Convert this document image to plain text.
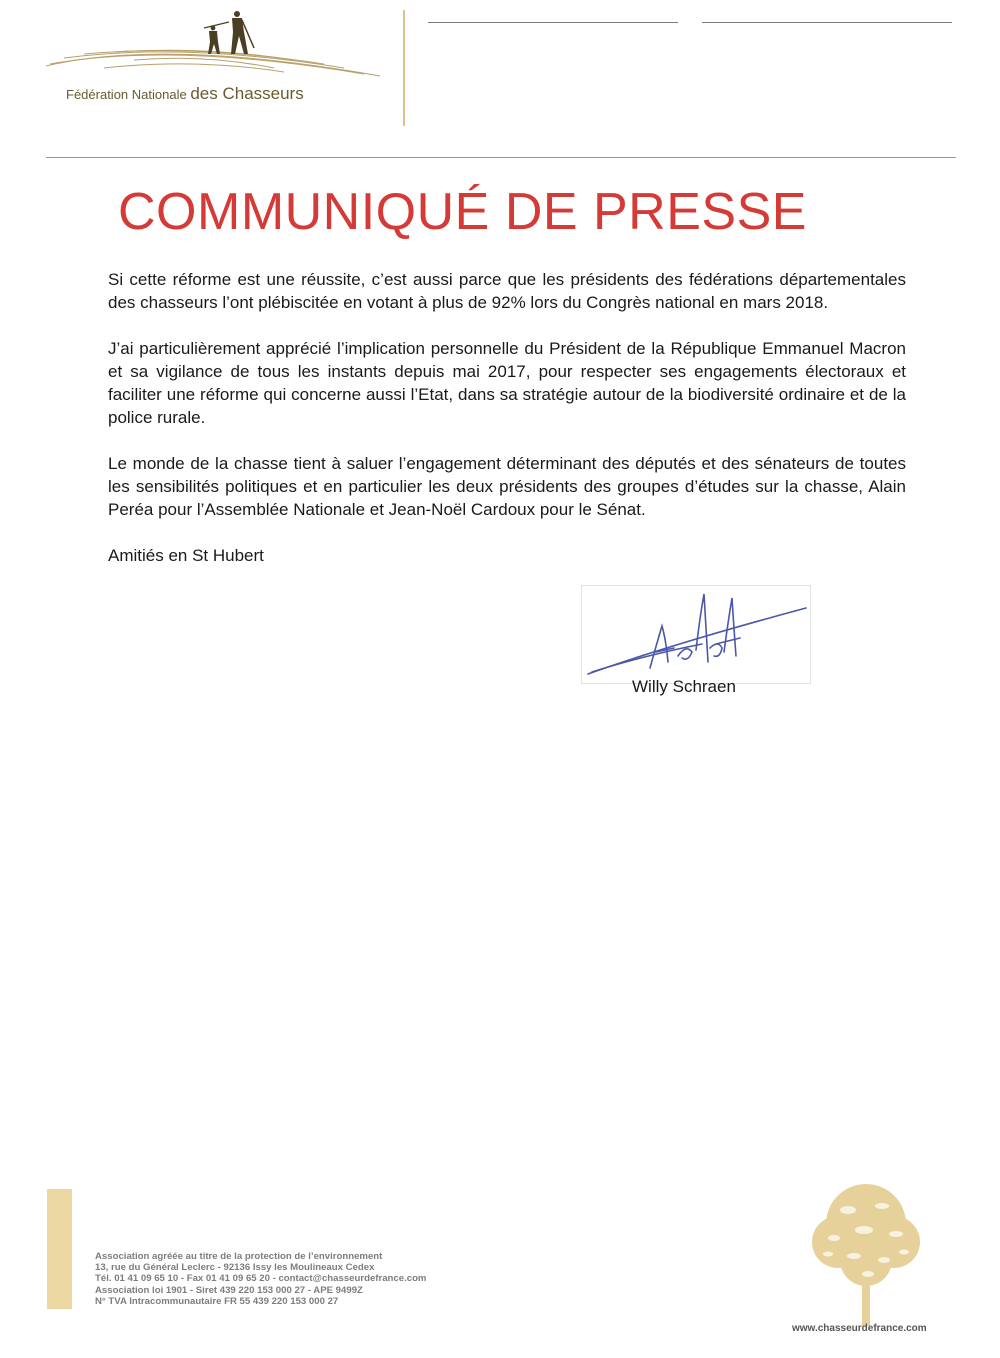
Fédération Nationale des Chasseurs
COMMUNIQUÉ DE PRESSE

Si cette réforme est une réussite, c’est aussi parce que les présidents des fédérations départementales des chasseurs l’ont plébiscitée en votant à plus de 92% lors du Congrès national en mars 2018.

J’ai particulièrement apprécié l’implication personnelle du Président de la République Emmanuel Macron et sa vigilance de tous les instants depuis mai 2017, pour respecter ses engagements électoraux et faciliter une réforme qui concerne aussi l’Etat, dans sa stratégie autour de la biodiversité ordinaire et de la police rurale.

Le monde de la chasse tient à saluer l’engagement déterminant des députés et des sénateurs de toutes les sensibilités politiques et en particulier les deux présidents des groupes d’études sur la chasse, Alain Peréa pour l’Assemblée Nationale et Jean-Noël Cardoux pour le Sénat.

Amitiés en St Hubert

Willy Schraen
Association agréée au titre de la protection de l’environnement
13, rue du Général Leclerc - 92136 Issy les Moulineaux Cedex
Tél. 01 41 09 65 10 - Fax 01 41 09 65 20 - contact@chasseurdefrance.com
Association loi 1901 - Siret 439 220 153 000 27 - APE 9499Z
N° TVA Intracommunautaire FR 55 439 220 153 000 27
www.chasseurdefrance.com
